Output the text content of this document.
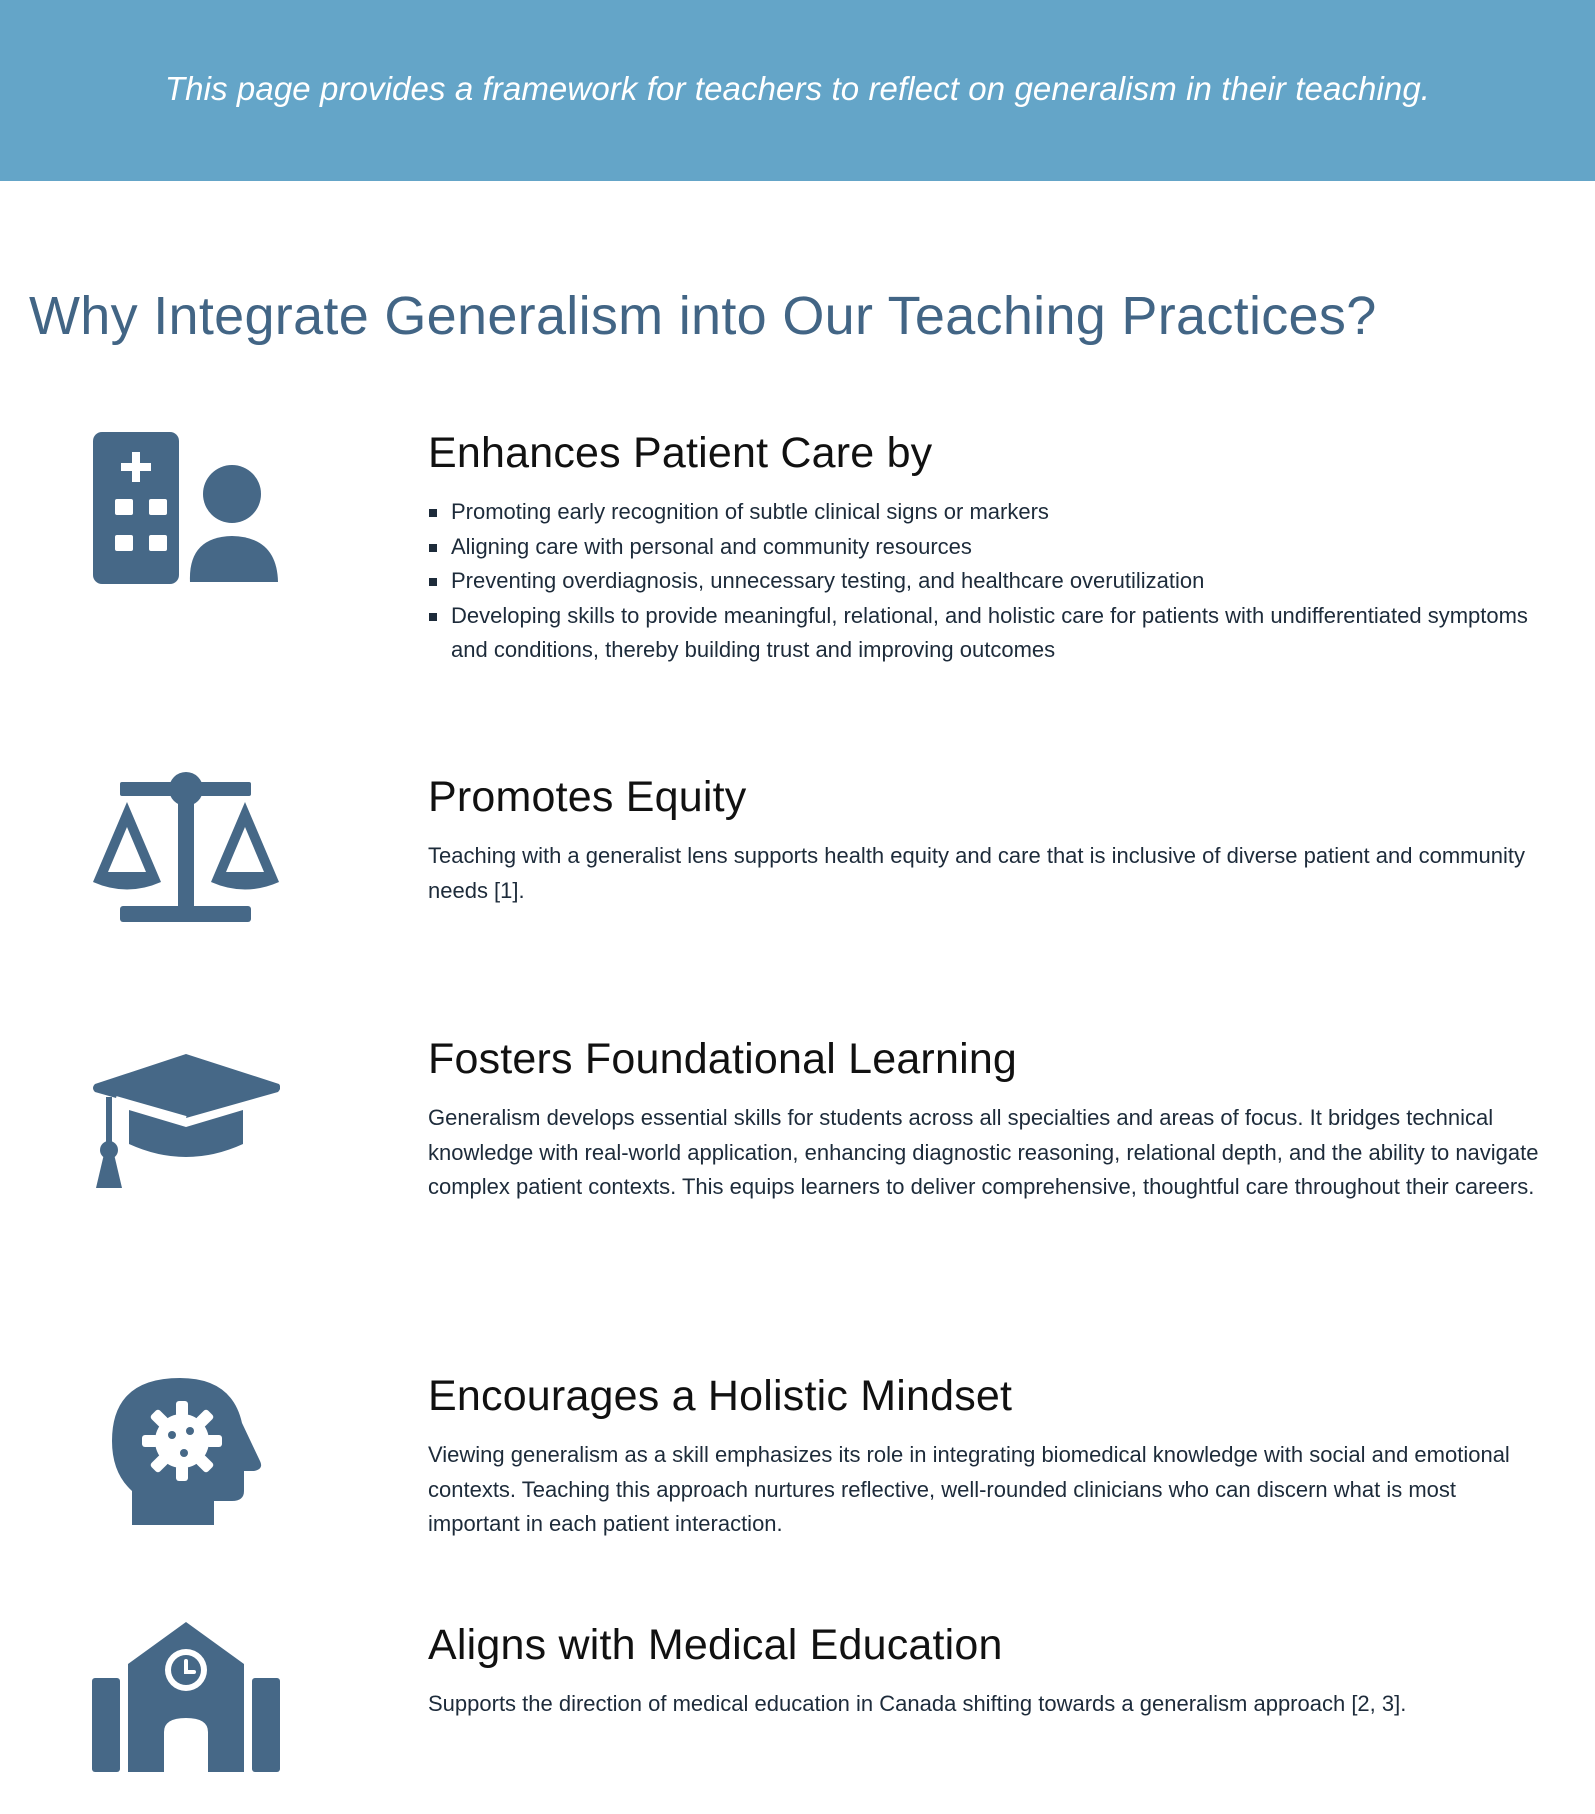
This page provides a framework for teachers to reflect on generalism in their teaching.
Why Integrate Generalism into Our Teaching Practices?
Enhances Patient Care by
Promoting early recognition of subtle clinical signs or markers
Aligning care with personal and community resources
Preventing overdiagnosis, unnecessary testing, and healthcare overutilization
Developing skills to provide meaningful, relational, and holistic care for patients with undifferentiated symptoms and conditions, thereby building trust and improving outcomes
Promotes Equity

Teaching with a generalist lens supports health equity and care that is inclusive of diverse patient and community needs [1].

Fosters Foundational Learning

Generalism develops essential skills for students across all specialties and areas of focus. It bridges technical knowledge with real-world application, enhancing diagnostic reasoning, relational depth, and the ability to navigate complex patient contexts. This equips learners to deliver comprehensive, thoughtful care throughout their careers.

Encourages a Holistic Mindset

Viewing generalism as a skill emphasizes its role in integrating biomedical knowledge with social and emotional contexts. Teaching this approach nurtures reflective, well-rounded clinicians who can discern what is most important in each patient interaction.

Aligns with Medical Education

Supports the direction of medical education in Canada shifting towards a generalism approach [2, 3].
